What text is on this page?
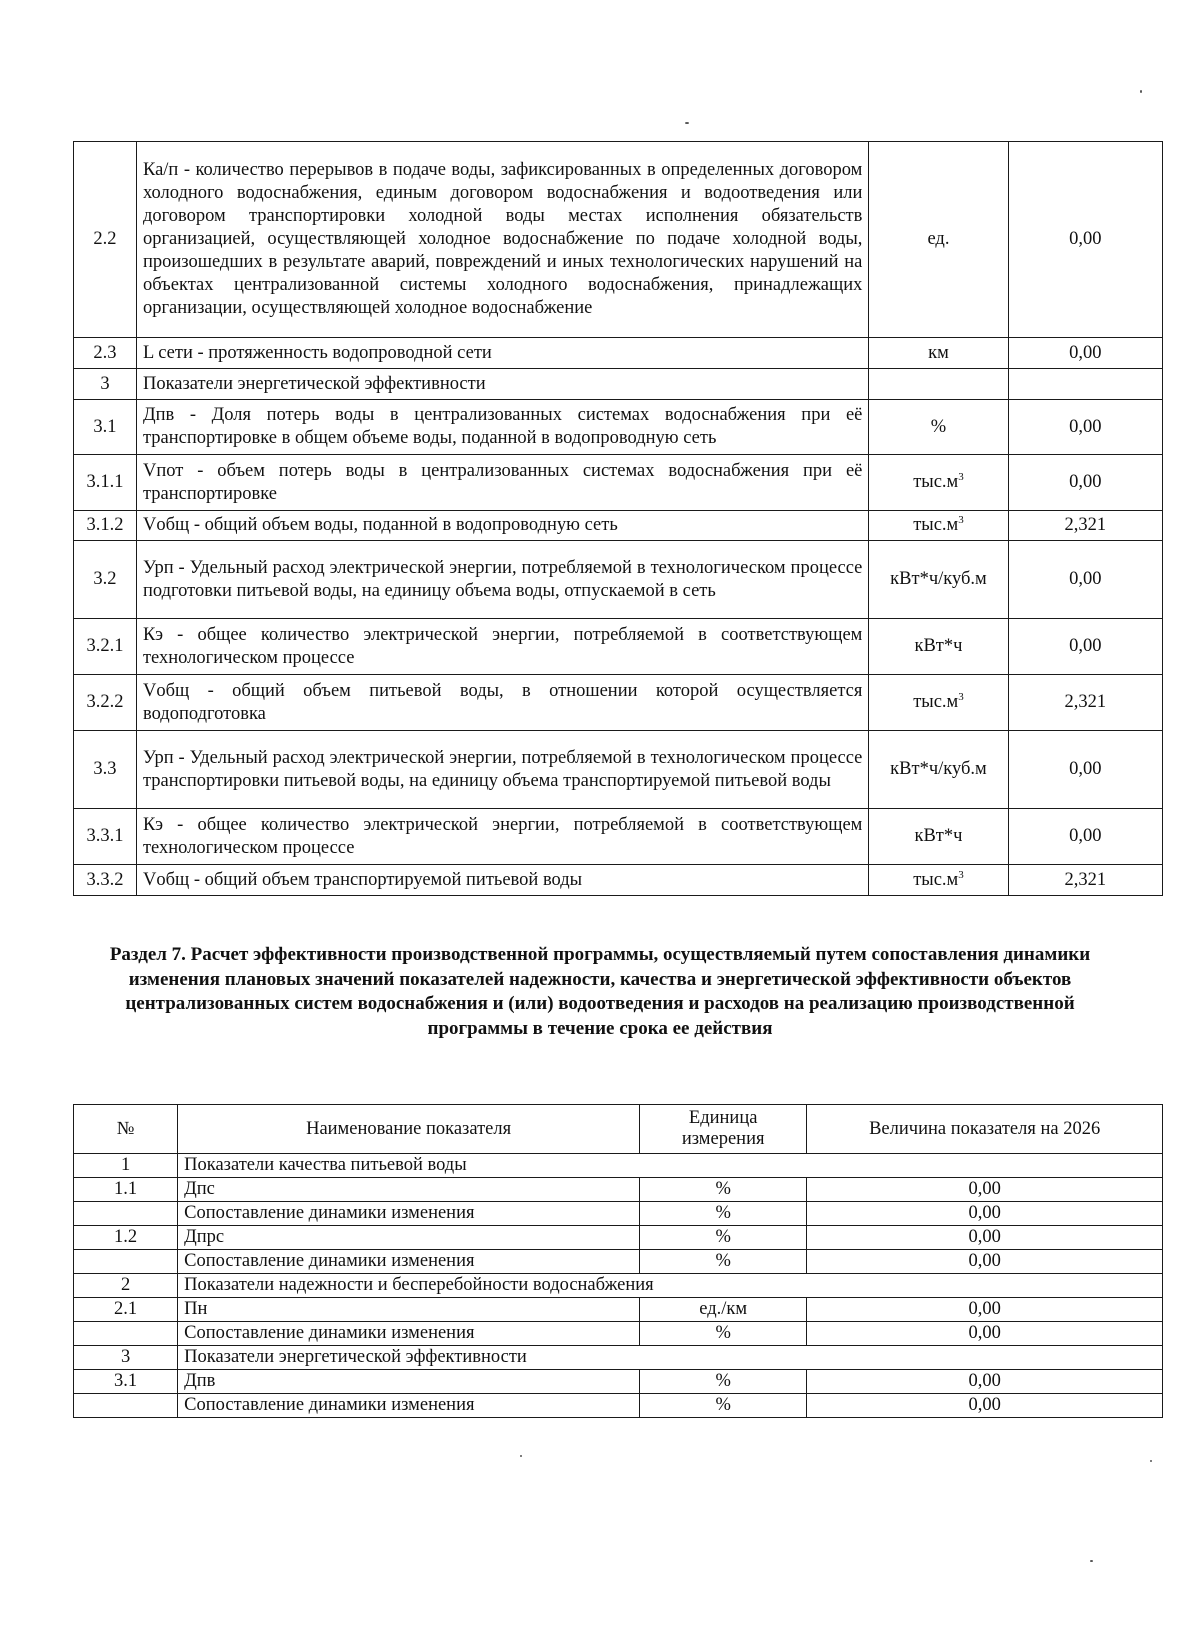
2.2	Ка/п - количество перерывов в подаче воды, зафиксированных в определенных договором холодного водоснабжения, единым договором водоснабжения и водоотведения или договором транспортировки холодной воды местах исполнения обязательств организацией, осуществляющей холодное водоснабжение по подаче холодной воды, произошедших в результате аварий, повреждений и иных технологических нарушений на объектах централизованной системы холодного водоснабжения, принадлежащих организации, осуществляющей холодное водоснабжение	ед.	0,00
2.3	L сети - протяженность водопроводной сети	км	0,00
3	Показатели энергетической эффективности		
3.1	Дпв - Доля потерь воды в централизованных системах водоснабжения при её транспортировке в общем объеме воды, поданной в водопроводную сеть	%	0,00
3.1.1	Vпот - объем потерь воды в централизованных системах водоснабжения при её транспортировке	$тыс.м^3$	0,00
3.1.2	Vобщ - общий объем воды, поданной в водопроводную сеть	$тыс.м^3$	2,321
3.2	Урп - Удельный расход электрической энергии, потребляемой в технологическом процессе подготовки питьевой воды, на единицу объема воды, отпускаемой в сеть	кВт*ч/куб.м	0,00
3.2.1	Кэ - общее количество электрической энергии, потребляемой в соответствующем технологическом процессе	кВт*ч	0,00
3.2.2	Vобщ - общий объем питьевой воды, в отношении которой осуществляется водоподготовка	$тыс.м^3$	2,321
3.3	Урп - Удельный расход электрической энергии, потребляемой в технологическом процессе транспортировки питьевой воды, на единицу объема транспортируемой питьевой воды	кВт*ч/куб.м	0,00
3.3.1	Кэ - общее количество электрической энергии, потребляемой в соответствующем технологическом процессе	кВт*ч	0,00
3.3.2	Vобщ - общий объем транспортируемой питьевой воды	$тыс.м^3$	2,321
Раздел 7. Расчет эффективности производственной программы, осуществляемый путем сопоставления динамики изменения плановых значений показателей надежности, качества и энергетической эффективности объектов централизованных систем водоснабжения и (или) водоотведения и расходов на реализацию производственной программы в течение срока ее действия
№	Наименование показателя	Единица измерения	Величина показателя на 2026
1	Показатели качества питьевой воды		
1.1	Дпс	%	0,00
	Сопоставление динамики изменения	%	0,00
1.2	Дпрс	%	0,00
	Сопоставление динамики изменения	%	0,00
2	Показатели надежности и бесперебойности водоснабжения		
2.1	Пн	ед./км	0,00
	Сопоставление динамики изменения	%	0,00
3	Показатели энергетической эффективности		
3.1	Дпв	%	0,00
	Сопоставление динамики изменения	%	0,00
